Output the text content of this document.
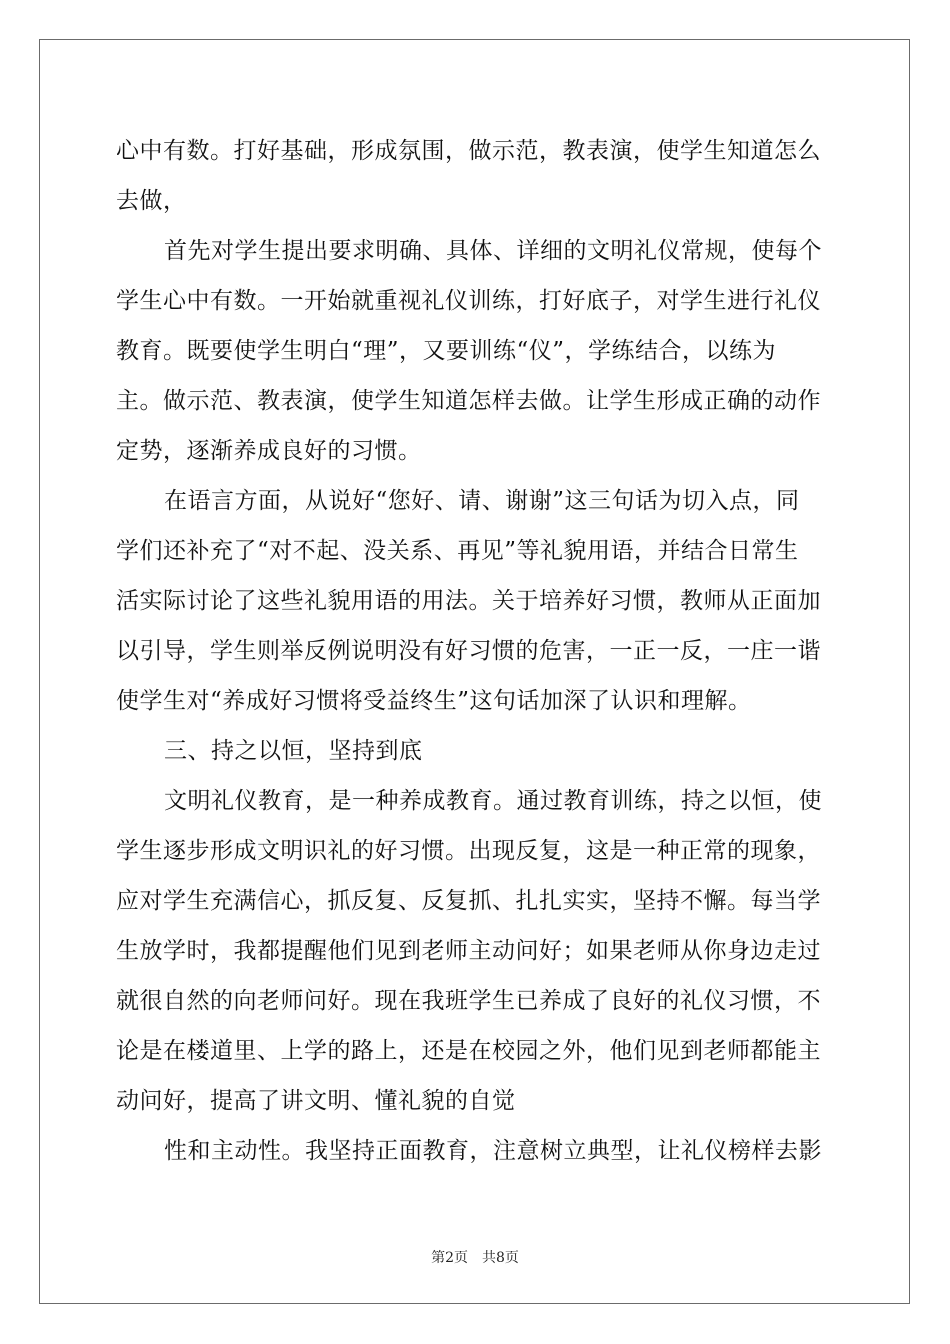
心中有数。打好基础，形成氛围，做示范，教表演，使学生知道怎么
去做，
首先对学生提出要求明确、具体、详细的文明礼仪常规，使每个
学生心中有数。一开始就重视礼仪训练，打好底子，对学生进行礼仪
教育。既要使学生明白“理”，又要训练“仪”，学练结合，以练为
主。做示范、教表演，使学生知道怎样去做。让学生形成正确的动作
定势，逐渐养成良好的习惯。
在语言方面，从说好“您好、请、谢谢”这三句话为切入点，同
学们还补充了“对不起、没关系、再见”等礼貌用语，并结合日常生
活实际讨论了这些礼貌用语的用法。关于培养好习惯，教师从正面加
以引导，学生则举反例说明没有好习惯的危害，一正一反，一庄一谐
使学生对“养成好习惯将受益终生”这句话加深了认识和理解。
三、持之以恒，坚持到底
文明礼仪教育，是一种养成教育。通过教育训练，持之以恒，使
学生逐步形成文明识礼的好习惯。出现反复，这是一种正常的现象，
应对学生充满信心，抓反复、反复抓、扎扎实实，坚持不懈。每当学
生放学时，我都提醒他们见到老师主动问好；如果老师从你身边走过
就很自然的向老师问好。现在我班学生已养成了良好的礼仪习惯，不
论是在楼道里、上学的路上，还是在校园之外，他们见到老师都能主
动问好，提高了讲文明、懂礼貌的自觉
性和主动性。我坚持正面教育，注意树立典型，让礼仪榜样去影
第2页　共8页
